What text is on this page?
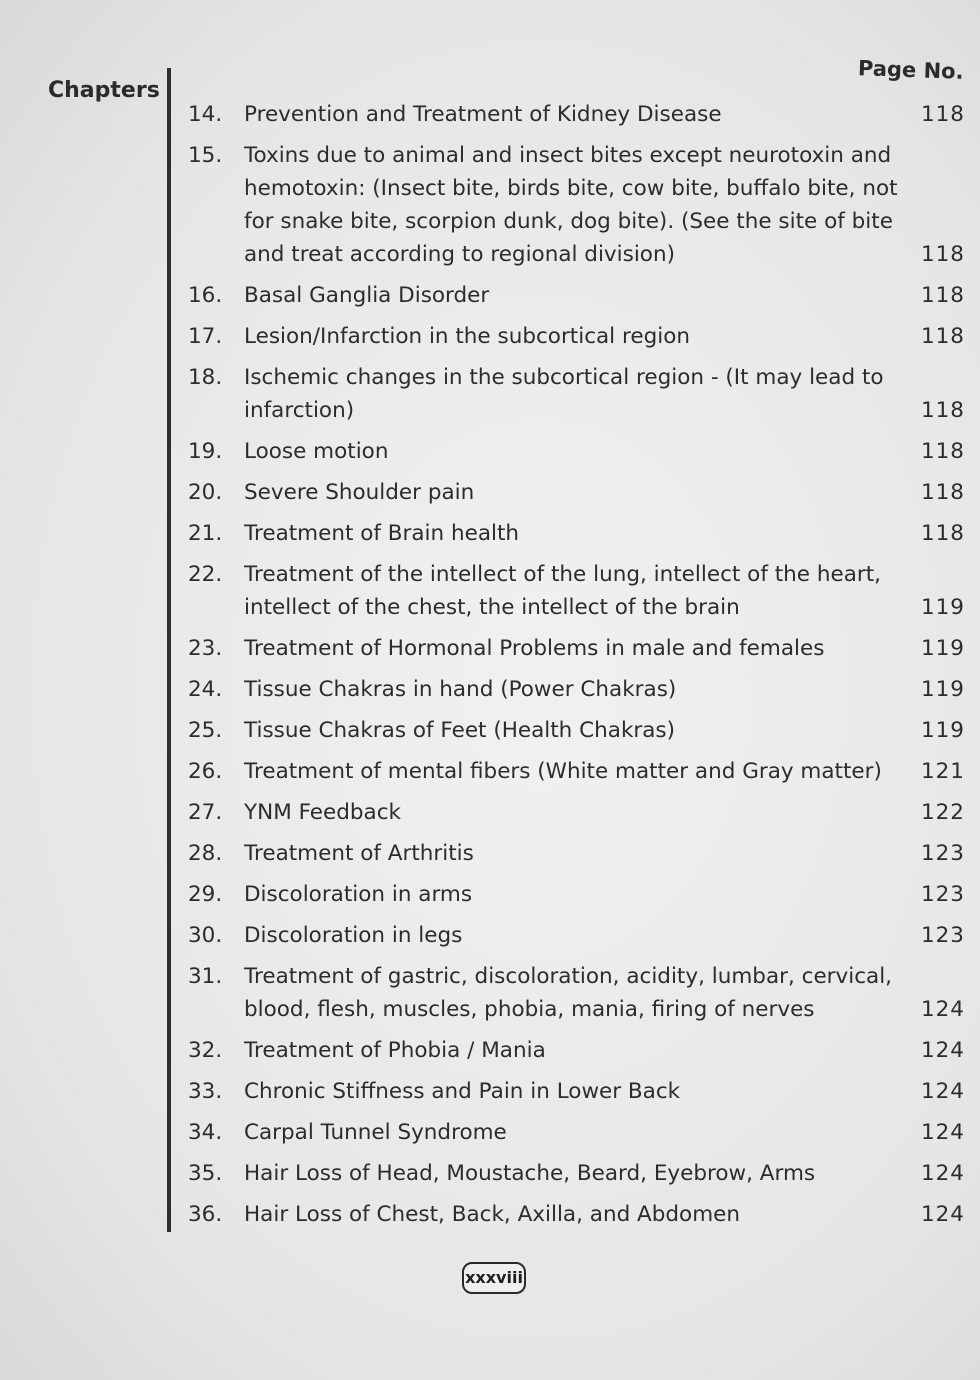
Chapters
Page No.
14.	Prevention and Treatment of Kidney Disease	118
15.	Toxins due to animal and insect bites except neurotoxin and hemotoxin: (Insect bite, birds bite, cow bite, buffalo bite, not for snake bite, scorpion dunk, dog bite). (See the site of bite and treat according to regional division)	118
16.	Basal Ganglia Disorder	118
17.	Lesion/Infarction in the subcortical region	118
18.	Ischemic changes in the subcortical region - (It may lead to infarction)	118
19.	Loose motion	118
20.	Severe Shoulder pain	118
21.	Treatment of Brain health	118
22.	Treatment of the intellect of the lung, intellect of the heart, intellect of the chest, the intellect of the brain	119
23.	Treatment of Hormonal Problems in male and females	119
24.	Tissue Chakras in hand (Power Chakras)	119
25.	Tissue Chakras of Feet (Health Chakras)	119
26.	Treatment of mental fibers (White matter and Gray matter)	121
27.	YNM Feedback	122
28.	Treatment of Arthritis	123
29.	Discoloration in arms	123
30.	Discoloration in legs	123
31.	Treatment of gastric, discoloration, acidity, lumbar, cervical, blood, flesh, muscles, phobia, mania, firing of nerves	124
32.	Treatment of Phobia / Mania	124
33.	Chronic Stiffness and Pain in Lower Back	124
34.	Carpal Tunnel Syndrome	124
35.	Hair Loss of Head, Moustache, Beard, Eyebrow, Arms	124
36.	Hair Loss of Chest, Back, Axilla, and Abdomen	124
xxxviii
